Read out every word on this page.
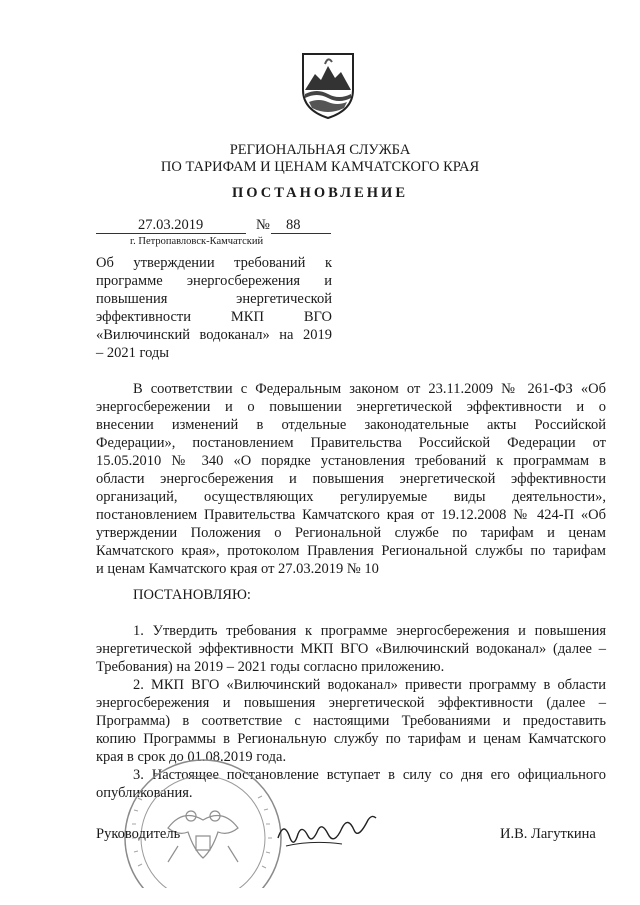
РЕГИОНАЛЬНАЯ СЛУЖБА
ПО ТАРИФАМ И ЦЕНАМ КАМЧАТСКОГО КРАЯ
ПОСТАНОВЛЕНИЕ
27.03.2019	№ 88
г. Петропавловск-Камчатский
Об утверждении требований к
программе энергосбережения и
повышения энергетической
эффективности МКП ВГО
«Вилючинский водоканал» на 2019
– 2021 годы
В соответствии с Федеральным законом от 23.11.2009 № 261-ФЗ «Об
энергосбережении и о повышении энергетической эффективности и о
внесении изменений в отдельные законодательные акты Российской
Федерации», постановлением Правительства Российской Федерации от
15.05.2010 № 340 «О порядке установления требований к программам в
области энергосбережения и повышения энергетической эффективности
организаций, осуществляющих регулируемые виды деятельности»,
постановлением Правительства Камчатского края от 19.12.2008 № 424-П «Об
утверждении Положения о Региональной службе по тарифам и ценам
Камчатского края», протоколом Правления Региональной службы по тарифам
и ценам Камчатского края от 27.03.2019 № 10
ПОСТАНОВЛЯЮ:
1. Утвердить требования к программе энергосбережения и повышения
энергетической эффективности МКП ВГО «Вилючинский водоканал» (далее –
Требования) на 2019 – 2021 годы согласно приложению.
2. МКП ВГО «Вилючинский водоканал» привести программу в области
энергосбережения и повышения энергетической эффективности (далее –
Программа) в соответствие с настоящими Требованиями и предоставить
копию Программы в Региональную службу по тарифам и ценам Камчатского
края в срок до 01.08.2019 года.
3. Настоящее постановление вступает в силу со дня его официального
опубликования.
Руководитель	И.В. Лагуткина
